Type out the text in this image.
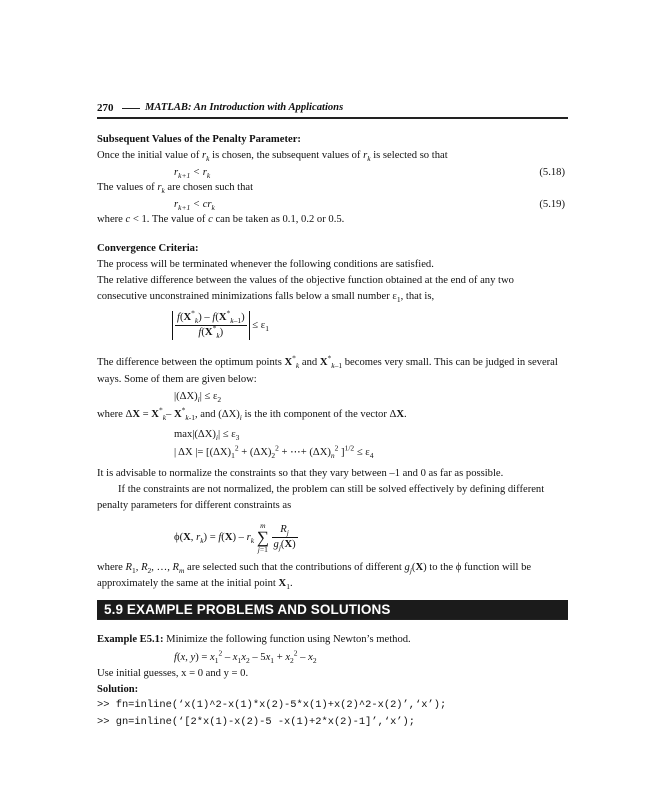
270	MATLAB: An Introduction with Applications
Subsequent Values of the Penalty Parameter:
Once the initial value of $r_k$ is chosen, the subsequent values of $r_k$ is selected so that
$r_{k+1} < r_k$	(5.18)
The values of $r_k$ are chosen such that
$r_{k+1} < cr_k$	(5.19)
where c < 1. The value of c can be taken as 0.1, 0.2 or 0.5.
Convergence Criteria:
The process will be terminated whenever the following conditions are satisfied.
The relative difference between the values of the objective function obtained at the end of any two
consecutive unconstrained minimizations falls below a small number $\varepsilon_1$, that is,
$\frac{f(X^*_k) - f(X^*_{k-1})}{f(X^*_k)} \le \varepsilon_1$
The difference between the optimum points $X^*_k$ and $X^*_{k-1}$ becomes very small. This can be judged in several
ways. Some of them are given below:
$|(\Delta X)_i| \le \varepsilon_2$
where $\Delta X = X^*_k-$ $X^*_{k-1}$, and $(\Delta X)_i$ is the ith component of the vector ΔX.
$\max|(\Delta X)_i| \le \varepsilon_3$
| ΔX |= [$(\Delta X)_1^2 + (\Delta X)_2^2$ + ⋯+ $(\Delta X)_n^2$ ]$^{1/2} \le \varepsilon_4$
It is advisable to normalize the constraints so that they vary between –1 and 0 as far as possible.
If the constraints are not normalized, the problem can still be solved effectively by defining different
penalty parameters for different constraints as
ϕ(X, $r_k) = f(X) - r_k$
m
∑
j=1
$\frac{R_j}{g_j(X)}$
where $R_1$, $R_2$, …, $R_m$ are selected such that the contributions of different $g_j(X)$ to the ϕ function will be
approximately the same at the initial point $X_1$.
5.9 EXAMPLE PROBLEMS AND SOLUTIONS
Example E5.1: Minimize the following function using Newton’s method.
f(x, $y) = x_1^2 - x_1x_2 - 5x_1 + x_2^2 - x_2$
Use initial guesses, x = 0 and y = 0.
Solution:
>> fn=inline(‘x(1)^2-x(1)*x(2)-5*x(1)+x(2)^2-x(2)’,‘x’);
>> gn=inline(‘[2*x(1)-x(2)-5 -x(1)+2*x(2)-1]’,‘x’);
